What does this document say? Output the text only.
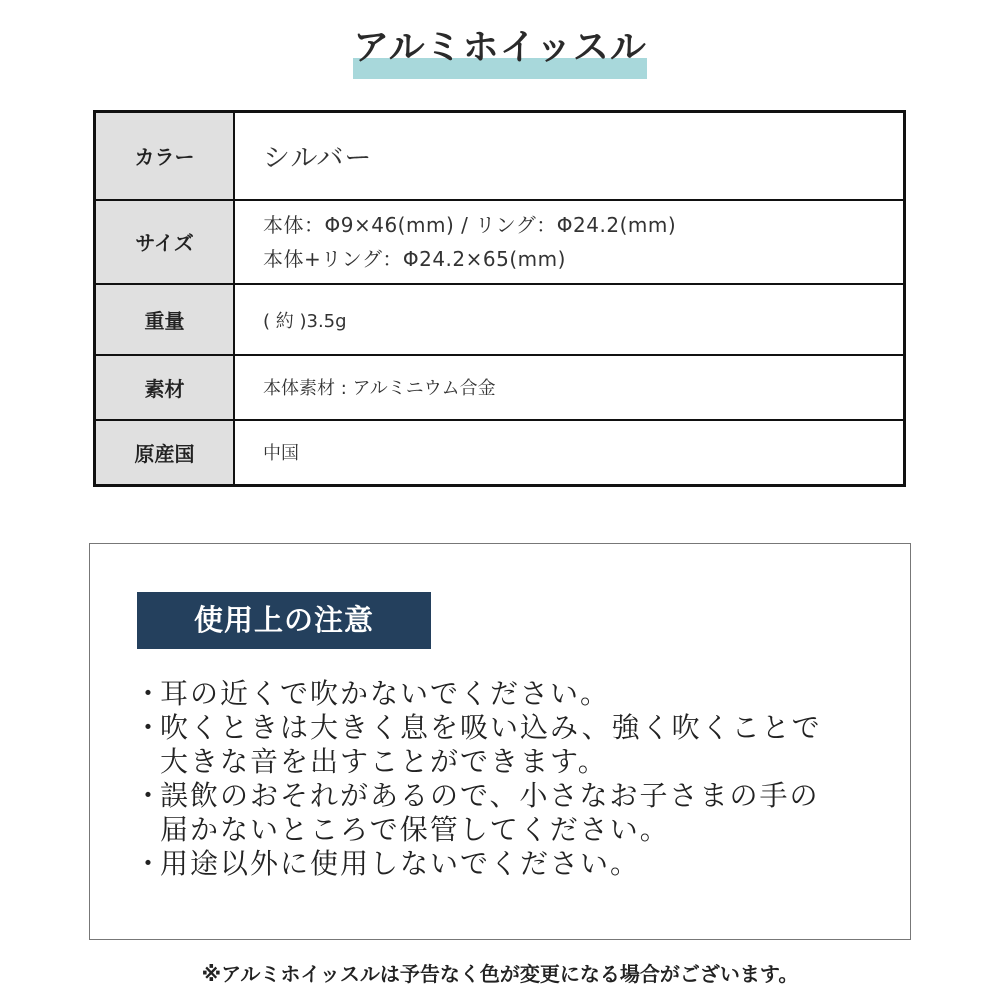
アルミホイッスル
カラー	シルバー

サイズ	本体：Φ9×46(mm) / リング：Φ24.2(mm)
本体+リング：Φ24.2×65(mm)

重量	( 約 )3.5g

素材	本体素材 : アルミニウム合金

原産国	中国
使用上の注意
・
耳の近くで吹かないでください。
・
吹くときは大きく息を吸い込み、強く吹くことで
大きな音を出すことができます。
・
誤飲のおそれがあるので、小さなお子さまの手の
届かないところで保管してください。
・
用途以外に使用しないでください。
※アルミホイッスルは予告なく色が変更になる場合がございます。
